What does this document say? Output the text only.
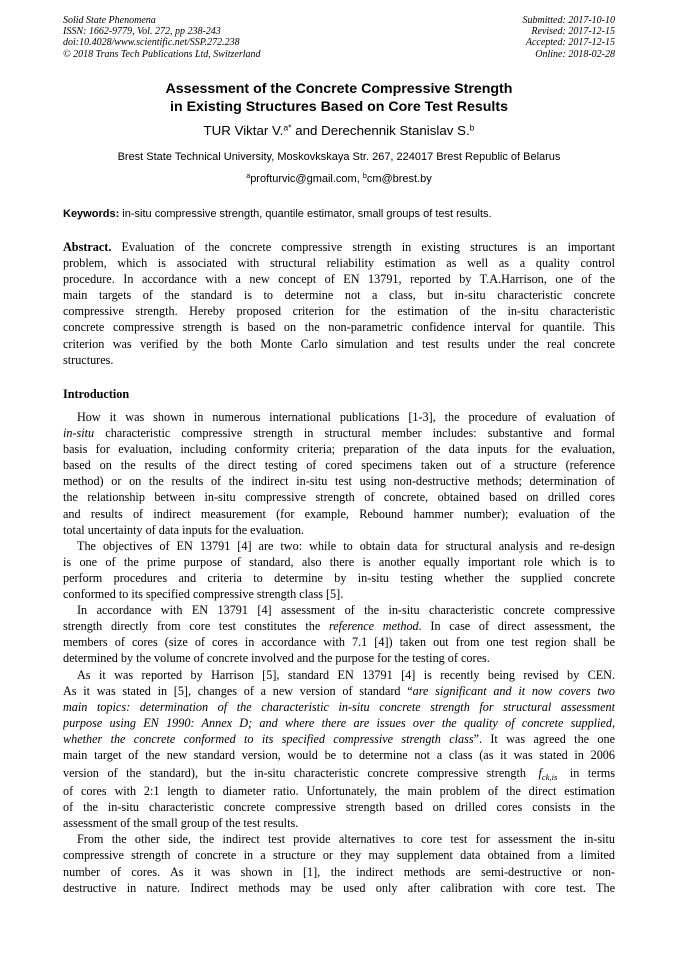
Solid State Phenomena
ISSN: 1662-9779, Vol. 272, pp 238-243
doi:10.4028/www.scientific.net/SSP.272.238
© 2018 Trans Tech Publications Ltd, Switzerland
Submitted: 2017-10-10
Revised: 2017-12-15
Accepted: 2017-12-15
Online: 2018-02-28
Assessment of the Concrete Compressive Strength
in Existing Structures Based on Core Test Results
TUR Viktar V.$^{a*}$ and Derechennik Stanislav S.$^b$
Brest State Technical University, Moskovkskaya Str. 267, 224017 Brest Republic of Belarus
$^a$profturvic@gmail.com, $^b$cm@brest.by
Keywords: in-situ compressive strength, quantile estimator, small groups of test results.
Abstract. Evaluation of the concrete compressive strength in existing structures is an important
problem, which is associated with structural reliability estimation as well as a quality control
procedure. In accordance with a new concept of EN 13791, reported by T.A.Harrison, one of the
main targets of the standard is to determine not a class, but in-situ characteristic concrete
compressive strength. Hereby proposed criterion for the estimation of the in-situ characteristic
concrete compressive strength is based on the non-parametric confidence interval for quantile. This
criterion was verified by the both Monte Carlo simulation and test results under the real concrete
structures.
Introduction
How it was shown in numerous international publications [1-3], the procedure of evaluation of
in-situ characteristic compressive strength in structural member includes: substantive and formal
basis for evaluation, including conformity criteria; preparation of the data inputs for the evaluation,
based on the results of the direct testing of cored specimens taken out of a structure (reference
method) or on the results of the indirect in-situ test using non-destructive methods; determination of
the relationship between in-situ compressive strength of concrete, obtained based on drilled cores
and results of indirect measurement (for example, Rebound hammer number); evaluation of the
total uncertainty of data inputs for the evaluation.
The objectives of EN 13791 [4] are two: while to obtain data for structural analysis and re-design
is one of the prime purpose of standard, also there is another equally important role which is to
perform procedures and criteria to determine by in-situ testing whether the supplied concrete
conformed to its specified compressive strength class [5].
In accordance with EN 13791 [4] assessment of the in-situ characteristic concrete compressive
strength directly from core test constitutes the reference method. In case of direct assessment, the
members of cores (size of cores in accordance with 7.1 [4]) taken out from one test region shall be
determined by the volume of concrete involved and the purpose for the testing of cores.
As it was reported by Harrison [5], standard EN 13791 [4] is recently being revised by CEN.
As it was stated in [5], changes of a new version of standard “are significant and it now covers two
main topics: determination of the characteristic in-situ concrete strength for structural assessment
purpose using EN 1990: Annex D; and where there are issues over the quality of concrete supplied,
whether the concrete conformed to its specified compressive strength class”. It was agreed the one
main target of the new standard version, would be to determine not a class (as it was stated in 2006
version of the standard), but the in-situ characteristic concrete compressive strength $f_{ck,is}$ in terms
of cores with 2:1 length to diameter ratio. Unfortunately, the main problem of the direct estimation
of the in-situ characteristic concrete compressive strength based on drilled cores consists in the
assessment of the small group of the test results.
From the other side, the indirect test provide alternatives to core test for assessment the in-situ
compressive strength of concrete in a structure or they may supplement data obtained from a limited
number of cores. As it was shown in [1], the indirect methods are semi-destructive or non-
destructive in nature. Indirect methods may be used only after calibration with core test. The
